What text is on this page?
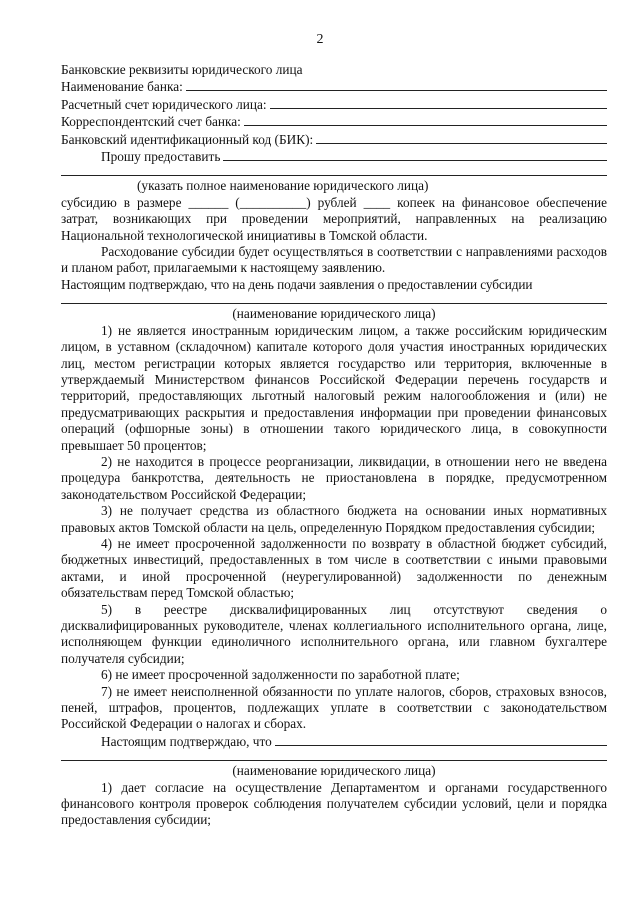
2
Банковские реквизиты юридического лица
Наименование банка:
Расчетный счет юридического лица:
Корреспондентский счет банка:
Банковский идентификационный код (БИК):
Прошу предоставить
(указать полное наименование юридического лица)
субсидию в размере ______ (__________) рублей ____ копеек на финансовое обеспечение затрат, возникающих при проведении мероприятий, направленных на реализацию Национальной технологической инициативы в Томской области.
Расходование субсидии будет осуществляться в соответствии с направлениями расходов и планом работ, прилагаемыми к настоящему заявлению.
Настоящим подтверждаю, что на день подачи заявления о предоставлении субсидии
(наименование юридического лица)
1) не является иностранным юридическим лицом, а также российским юридическим лицом, в уставном (складочном) капитале которого доля участия иностранных юридических лиц, местом регистрации которых является государство или территория, включенные в утверждаемый Министерством финансов Российской Федерации перечень государств и территорий, предоставляющих льготный налоговый режим налогообложения и (или) не предусматривающих раскрытия и предоставления информации при проведении финансовых операций (офшорные зоны) в отношении такого юридического лица, в совокупности превышает 50 процентов;
2) не находится в процессе реорганизации, ликвидации, в отношении него не введена процедура банкротства, деятельность не приостановлена в порядке, предусмотренном законодательством Российской Федерации;
3) не получает средства из областного бюджета на основании иных нормативных правовых актов Томской области на цель, определенную Порядком предоставления субсидии;
4) не имеет просроченной задолженности по возврату в областной бюджет субсидий, бюджетных инвестиций, предоставленных в том числе в соответствии с иными правовыми актами, и иной просроченной (неурегулированной) задолженности по денежным обязательствам перед Томской областью;
5) в реестре дисквалифицированных лиц отсутствуют сведения о дисквалифицированных руководителе, членах коллегиального исполнительного органа, лице, исполняющем функции единоличного исполнительного органа, или главном бухгалтере получателя субсидии;
6) не имеет просроченной задолженности по заработной плате;
7) не имеет неисполненной обязанности по уплате налогов, сборов, страховых взносов, пеней, штрафов, процентов, подлежащих уплате в соответствии с законодательством Российской Федерации о налогах и сборах.
Настоящим подтверждаю, что
(наименование юридического лица)
1) дает согласие на осуществление Департаментом и органами государственного финансового контроля проверок соблюдения получателем субсидии условий, цели и порядка предоставления субсидии;
